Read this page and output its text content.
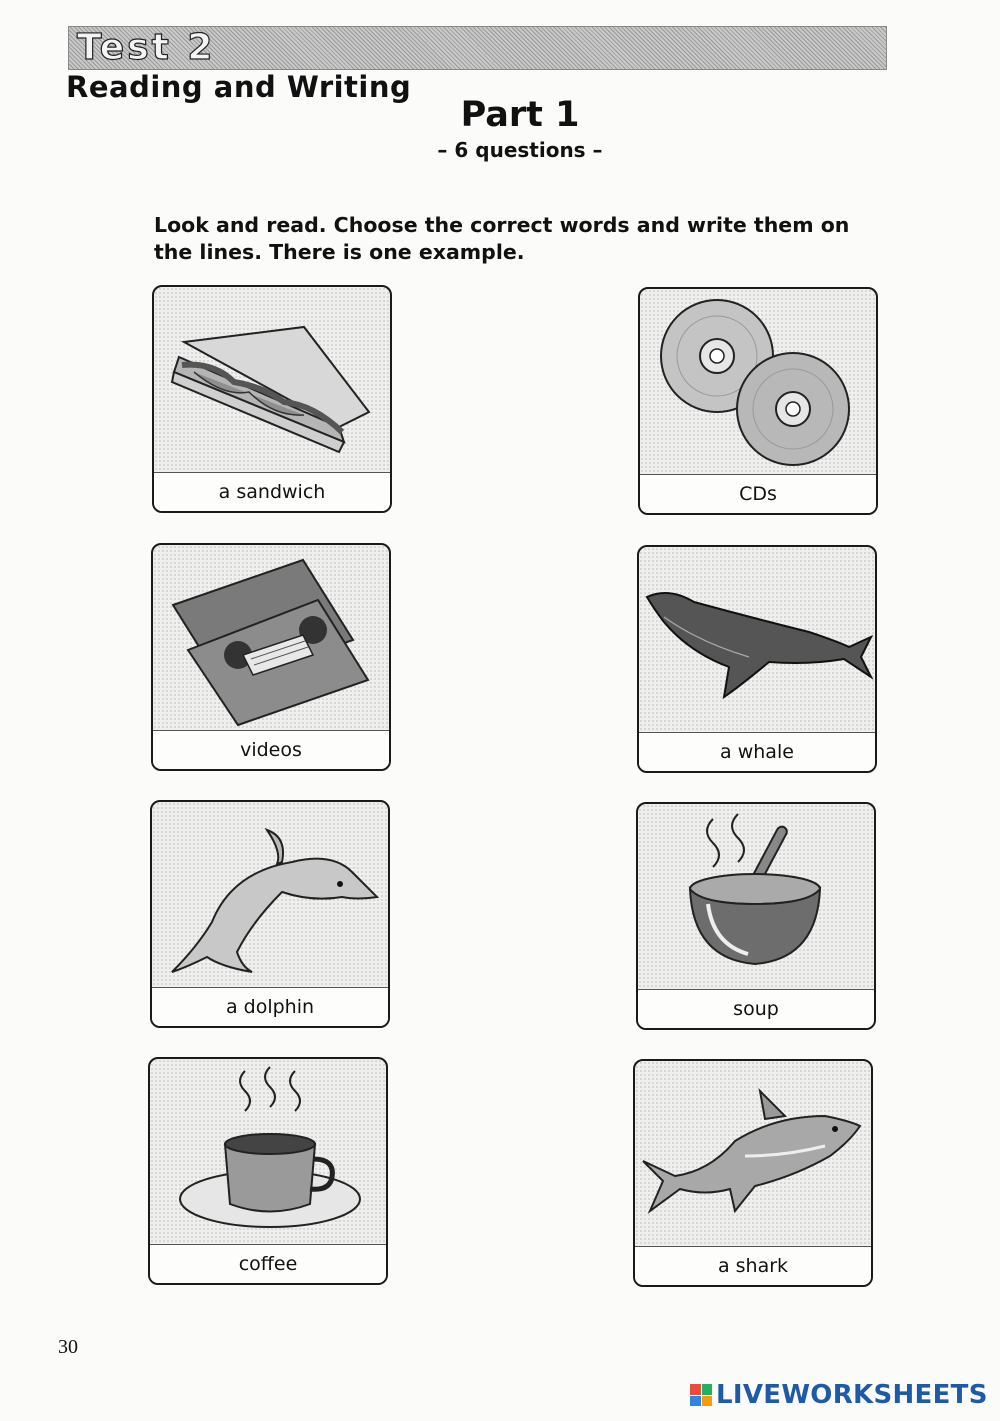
Test 2
Reading and Writing
Part 1
– 6 questions –
Look and read. Choose the correct words and write them on the lines. There is one example.
a sandwich	CDs
videos	a whale
a dolphin	soup
coffee	a shark
30
LIVEWORKSHEETS
